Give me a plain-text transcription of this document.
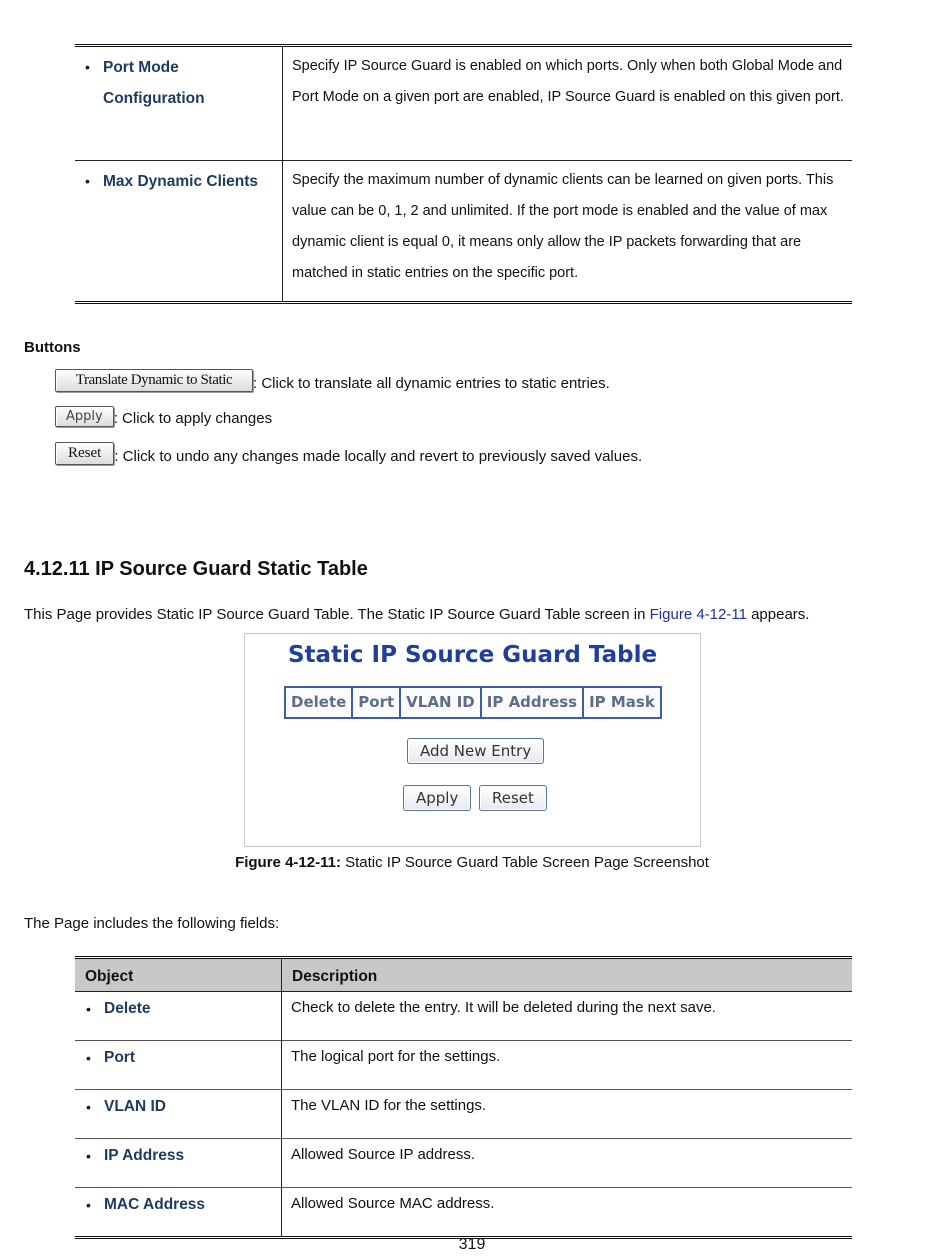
• Port Mode
Configuration	Specify IP Source Guard is enabled on which ports. Only when both Global Mode and Port Mode on a given port are enabled, IP Source Guard is enabled on this given port.

• Max Dynamic Clients	Specify the maximum number of dynamic clients can be learned on given ports. This value can be 0, 1, 2 and unlimited. If the port mode is enabled and the value of max dynamic client is equal 0, it means only allow the IP packets forwarding that are matched in static entries on the specific port.
Buttons
Translate Dynamic to Static	: Click to translate all dynamic entries to static entries.
Apply : Click to apply changes
Reset : Click to undo any changes made locally and revert to previously saved values.
4.12.11 IP Source Guard Static Table
This Page provides Static IP Source Guard Table. The Static IP Source Guard Table screen in Figure 4-12-11 appears.
Static IP Source Guard Table
Delete	Port	VLAN ID	IP Address	IP Mask
Add New Entry
Apply	Reset
Figure 4-12-11: Static IP Source Guard Table Screen Page Screenshot
The Page includes the following fields:
Object	Description

• Delete	Check to delete the entry. It will be deleted during the next save.

• Port	The logical port for the settings.

• VLAN ID	The VLAN ID for the settings.

• IP Address	Allowed Source IP address.

• MAC Address	Allowed Source MAC address.
319
